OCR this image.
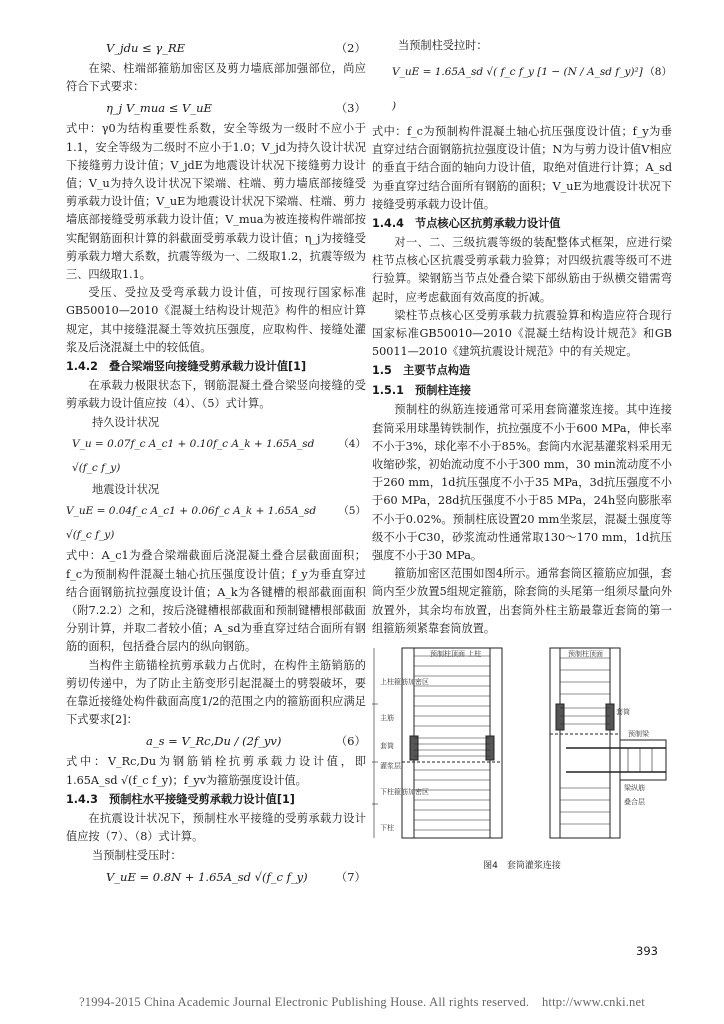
V_jdu ≤ γ_RE	（2）

在梁、柱端部箍筋加密区及剪力墙底部加强部位，尚应符合下式要求：

η_j V_mua ≤ V_uE	（3）

式中：γ0为结构重要性系数，安全等级为一级时不应小于1.1，安全等级为二级时不应小于1.0；V_jd为持久设计状况下接缝剪力设计值；V_jdE为地震设计状况下接缝剪力设计值；V_u为持久设计状况下梁端、柱端、剪力墙底部接缝受剪承载力设计值；V_uE为地震设计状况下梁端、柱端、剪力墙底部接缝受剪承载力设计值；V_mua为被连接构件端部按实配钢筋面积计算的斜截面受剪承载力设计值；η_j为接缝受剪承载力增大系数，抗震等级为一、二级取1.2，抗震等级为三、四级取1.1。

受压、受拉及受弯承载力设计值，可按现行国家标准GB50010—2010《混凝土结构设计规范》构件的相应计算规定，其中接缝混凝土等效抗压强度，应取构件、接缝处灌浆及后浇混凝土中的较低值。

1.4.2　叠合梁端竖向接缝受剪承载力设计值[1]

在承载力极限状态下，钢筋混凝土叠合梁竖向接缝的受剪承载力设计值应按（4）、（5）式计算。

持久设计状况
V_u = 0.07f_c A_c1 + 0.10f_c A_k + 1.65A_sd √(f_c f_y)
（4）
地震设计状况
V_uE = 0.04f_c A_c1 + 0.06f_c A_k + 1.65A_sd √(f_c f_y)
（5）

式中：A_c1为叠合梁端截面后浇混凝土叠合层截面面积；f_c为预制构件混凝土轴心抗压强度设计值；f_y为垂直穿过结合面钢筋抗拉强度设计值；A_k为各键槽的根部截面面积（附7.2.2）之和，按后浇键槽根部截面和预制键槽根部截面分别计算，并取二者较小值；A_sd为垂直穿过结合面所有钢筋的面积，包括叠合层内的纵向钢筋。

当构件主筋锚栓抗剪承载力占优时，在构件主筋销筋的剪切传递中，为了防止主筋变形引起混凝土的劈裂破坏，要在靠近接缝处构件截面高度1/2的范围之内的箍筋面积应满足下式要求[2]：

a_s = V_Rc,Du / (2f_yv)	（6）

式中：V_Rc,Du为钢筋销栓抗剪承载力设计值，即1.65A_sd √(f_c f_y)；f_yv为箍筋强度设计值。

1.4.3　预制柱水平接缝受剪承载力设计值[1]

在抗震设计状况下，预制柱水平接缝的受剪承载力设计值应按（7）、（8）式计算。

当预制柱受压时：
V_uE = 0.8N + 1.65A_sd √(f_c f_y) （7）
当预制柱受拉时：
V_uE = 1.65A_sd √( f_c f_y [1 − (N / A_sd f_y)²] )
（8）

式中：f_c为预制构件混凝土轴心抗压强度设计值；f_y为垂直穿过结合面钢筋抗拉强度设计值；N为与剪力设计值V相应的垂直于结合面的轴向力设计值，取绝对值进行计算；A_sd为垂直穿过结合面所有钢筋的面积；V_uE为地震设计状况下接缝受剪承载力设计值。

1.4.4　节点核心区抗剪承载力设计值

对一、二、三级抗震等级的装配整体式框架，应进行梁柱节点核心区抗震受剪承载力验算；对四级抗震等级可不进行验算。梁钢筋当节点处叠合梁下部纵筋由于纵横交错需弯起时，应考虑截面有效高度的折减。

梁柱节点核心区受剪承载力抗震验算和构造应符合现行国家标准GB50010—2010《混凝土结构设计规范》和GB 50011—2010《建筑抗震设计规范》中的有关规定。

1.5　主要节点构造
1.5.1　预制柱连接

预制柱的纵筋连接通常可采用套筒灌浆连接。其中连接套筒采用球墨铸铁制作，抗拉强度不小于600 MPa，伸长率不小于3%，球化率不小于85%。套筒内水泥基灌浆料采用无收缩砂浆，初始流动度不小于300 mm，30 min流动度不小于260 mm，1d抗压强度不小于35 MPa，3d抗压强度不小于60 MPa，28d抗压强度不小于85 MPa，24h竖向膨胀率不小于0.02%。预制柱底设置20 mm坐浆层，混凝土强度等级不小于C30，砂浆流动性通常取130～170 mm，1d抗压强度不小于30 MPa。

箍筋加密区范围如图4所示。通常套筒区箍筋应加强，套筒内至少放置5组规定箍筋，除套筒的头尾第一组须尽量向外放置外，其余均布放置，出套筒外柱主筋最靠近套筒的第一组箍筋须紧靠套筒放置。

预制柱顶面 上柱
上柱箍筋加密区
主筋
套筒
灌浆层
下柱箍筋加密区
下柱
预制柱顶面
套筒
预制梁
梁纵筋
叠合层
图4　套筒灌浆连接
393
?1994-2015 China Academic Journal Electronic Publishing House. All rights reserved.　http://www.cnki.net
